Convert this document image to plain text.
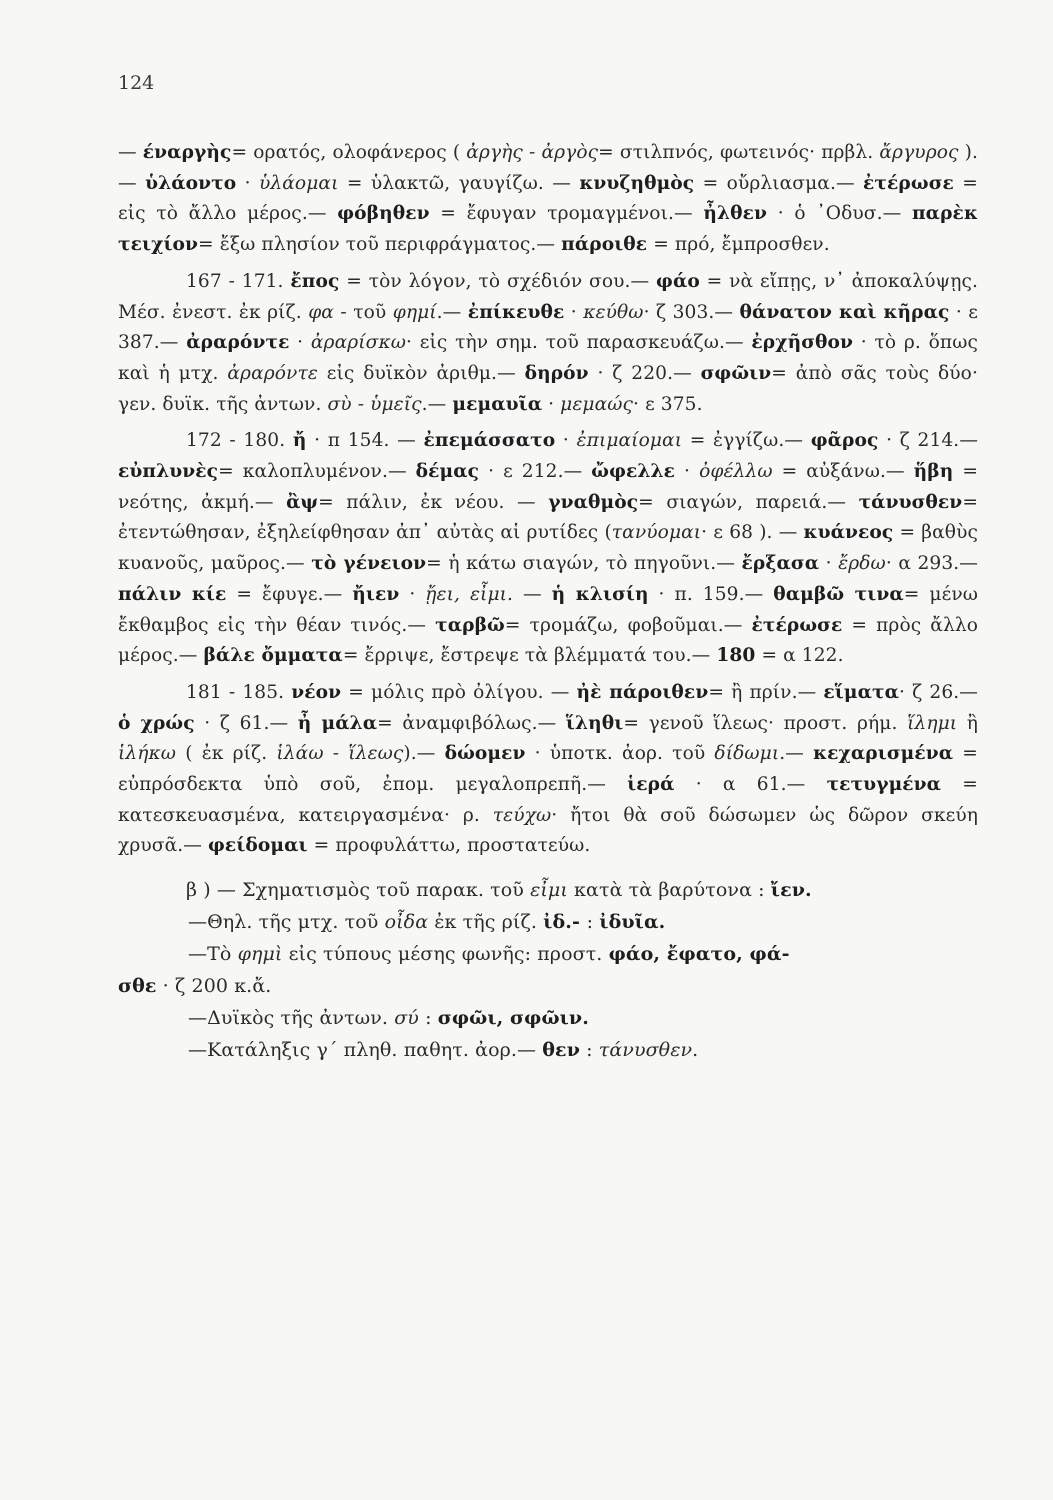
124

— έναργὴς= ορατός, ολοφάνερος ( ἀργὴς - ἀργὸς= στιλπνός, φωτεινός· πρβλ. ἄργυρος ).— ὑλάοντο · ὑλάομαι = ὑλακτῶ, γαυγίζω. — κνυζηθμὸς = οὔρλιασμα.— ἐτέρωσε = εἰς τὸ ἄλλο μέρος.— φόβηθεν = ἔφυγαν τρομαγμένοι.— ἦλθεν · ὁ ᾽Οδυσ.— παρὲκ τειχίον= ἔξω πλησίον τοῦ περιφράγματος.— πάροιθε = πρό, ἔμπροσθεν.

167 - 171. ἔπος = τὸν λόγον, τὸ σχέδιόν σου.— φάο = νὰ εἴπῃς, ν᾽ ἀποκαλύψῃς. Μέσ. ἐνεστ. ἐκ ρίζ. φα - τοῦ φημί.— ἐπίκευθε · κεύθω· ζ 303.— θάνατον καὶ κῆρας · ε 387.— ἀραρόντε · ἀραρίσκω· εἰς τὴν σημ. τοῦ παρασκευάζω.— ἐρχῆσθον · τὸ ρ. ὅπως καὶ ἡ μτχ. ἀραρόντε εἰς δυϊκὸν ἀριθμ.— δηρόν · ζ 220.— σφῶιν= ἀπὸ σᾶς τοὺς δύο· γεν. δυϊκ. τῆς ἀντων. σὺ - ὑμεῖς.— μεμαυῖα · μεμαώς· ε 375.

172 - 180. ἤ · π 154. — ἐπεμάσσατο · ἐπιμαίομαι = ἐγγίζω.— φᾶρος · ζ 214.— εὐπλυνὲς= καλοπλυμένον.— δέμας · ε 212.— ὤφελλε · ὀφέλλω = αὐξάνω.— ἥβη = νεότης, ἀκμή.— ἂψ= πάλιν, ἐκ νέου. — γναθμὸς= σιαγών, παρειά.— τάνυσθεν= ἐτεντώθησαν, ἐξηλείφθησαν ἀπ᾽ αὐτὰς αἱ ρυτίδες (τανύομαι· ε 68 ). — κυάνεος = βαθὺς κυανοῦς, μαῦρος.— τὸ γένειον= ἡ κάτω σιαγών, τὸ πηγοῦνι.— ἔρξασα · ἔρδω· α 293.— πάλιν κίε = ἔφυγε.— ἤιεν · ᾔει, εἶμι. — ἡ κλισίη · π. 159.— θαμβῶ τινα= μένω ἔκθαμβος εἰς τὴν θέαν τινός.— ταρβῶ= τρομάζω, φοβοῦμαι.— ἐτέρωσε = πρὸς ἄλλο μέρος.— βάλε ὄμματα= ἔρριψε, ἔστρεψε τὰ βλέμματά του.— 180 = α 122.

181 - 185. νέον = μόλις πρὸ ὀλίγου. — ἠὲ πάροιθεν= ἢ πρίν.— εἵματα· ζ 26.— ὁ χρώς · ζ 61.— ἦ μάλα= ἀναμφιβόλως.— ἵληθι= γενοῦ ἵλεως· προστ. ρήμ. ἵλημι ἢ ἱλήκω ( ἐκ ρίζ. ἱλάω - ἵλεως).— δώομεν · ὑποτκ. ἀορ. τοῦ δίδωμι.— κεχαρισμένα = εὐπρόσδεκτα ὑπὸ σοῦ, ἐπομ. μεγαλοπρεπῆ.— ἱερά · α 61.— τετυγμένα = κατεσκευασμένα, κατειργασμένα· ρ. τεύχω· ἤτοι θὰ σοῦ δώσωμεν ὡς δῶρον σκεύη χρυσᾶ.— φείδομαι = προφυλάττω, προστατεύω.

β ) — Σχηματισμὸς τοῦ παρακ. τοῦ εἶμι κατὰ τὰ βαρύτονα : ἴεν.

—Θηλ. τῆς μτχ. τοῦ οἶδα ἐκ τῆς ρίζ. ἰδ.- : ἰδυῖα.

—Τὸ φημὶ εἰς τύπους μέσης φωνῆς: προστ. φάο, ἔφατο, φά-

σθε · ζ 200 κ.ἄ.

—Δυϊκὸς τῆς ἀντων. σύ : σφῶι, σφῶιν.

—Κατάληξις γ´ πληθ. παθητ. ἀορ.— θεν : τάνυσθεν.
